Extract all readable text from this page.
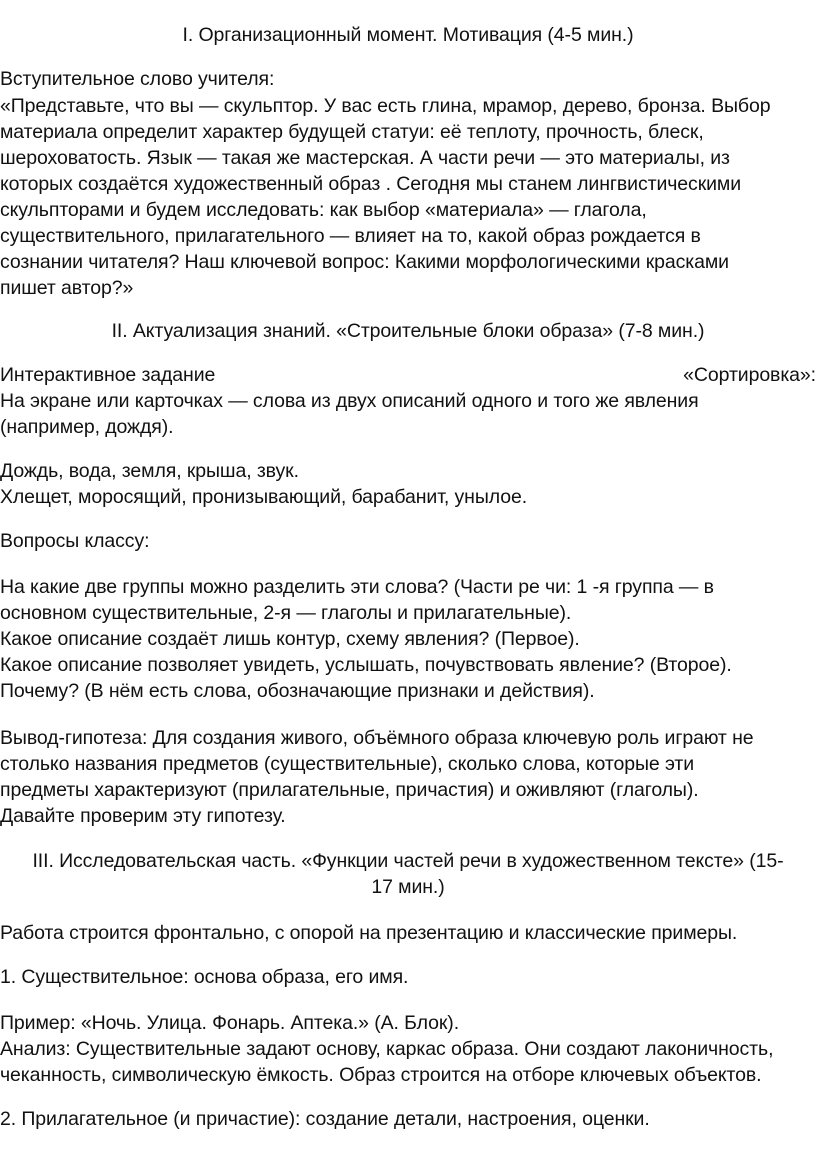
I. Организационный момент. Мотивация (4-5 мин.)
Вступительное слово учителя:
«Представьте, что вы — скульптор. У вас есть глина, мрамор, дерево, бронза. Выбор
материала определит характер будущей статуи: её теплоту, прочность, блеск,
шероховатость. Язык — такая же мастерская. А части речи — это материалы, из
которых создаётся художественный образ . Сегодня мы станем лингвистическими
скульпторами и будем исследовать: как выбор «материала» — глагола,
существительного, прилагательного — влияет на то, какой образ рождается в
сознании читателя? Наш ключевой вопрос: Какими морфологическими красками
пишет автор?»
II. Актуализация знаний. «Строительные блоки образа» (7-8 мин.)
Интерактивное задание	«Сортировка»:
На экране или карточках — слова из двух описаний одного и того же явления
(например, дождя).
Дождь, вода, земля, крыша, звук.
Хлещет, моросящий, пронизывающий, барабанит, унылое.
Вопросы классу:
На какие две группы можно разделить эти слова? (Части ре чи: 1 -я группа — в
основном существительные, 2-я — глаголы и прилагательные).
Какое описание создаёт лишь контур, схему явления? (Первое).
Какое описание позволяет увидеть, услышать, почувствовать явление? (Второе).
Почему? (В нём есть слова, обозначающие признаки и действия).
Вывод-гипотеза: Для создания живого, объёмного образа ключевую роль играют не
столько названия предметов (существительные), сколько слова, которые эти
предметы характеризуют (прилагательные, причастия) и оживляют (глаголы).
Давайте проверим эту гипотезу.
III. Исследовательская часть. «Функции частей речи в художественном тексте» (15-
17 мин.)
Работа строится фронтально, с опорой на презентацию и классические примеры.
1. Существительное: основа образа, его имя.
Пример: «Ночь. Улица. Фонарь. Аптека.» (А. Блок).
Анализ: Существительные задают основу, каркас образа. Они создают лаконичность,
чеканность, символическую ёмкость. Образ строится на отборе ключевых объектов.
2. Прилагательное (и причастие): создание детали, настроения, оценки.
